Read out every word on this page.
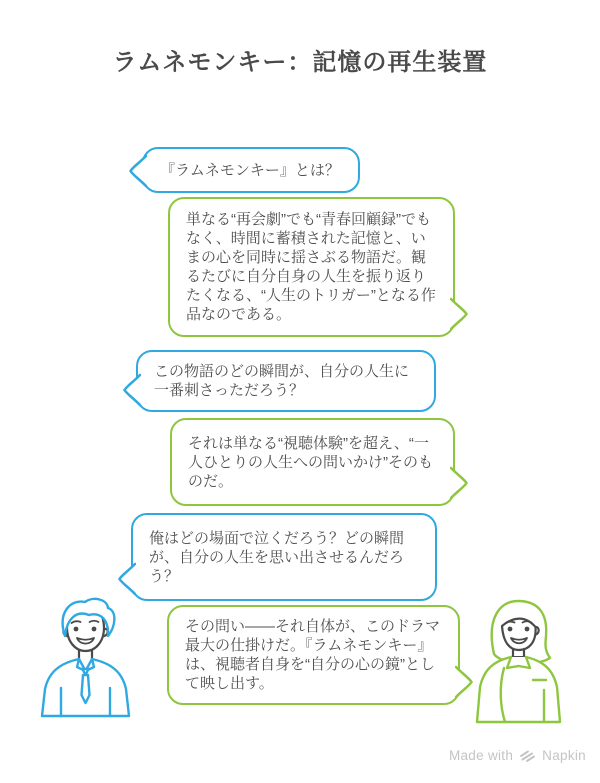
ラムネモンキー：記憶の再生装置
『ラムネモンキー』とは？
単なる“再会劇”でも“青春回顧録”でもなく、時間に蓄積された記憶と、いまの心を同時に揺さぶる物語だ。観るたびに自分自身の人生を振り返りたくなる、“人生のトリガー”となる作品なのである。
この物語のどの瞬間が、自分の人生に一番刺さっただろう？
それは単なる“視聴体験”を超え、“一人ひとりの人生への問いかけ”そのものだ。
俺はどの場面で泣くだろう？どの瞬間が、自分の人生を思い出させるんだろう？
その問い——それ自体が、このドラマ最大の仕掛けだ。『ラムネモンキー』は、視聴者自身を“自分の心の鏡”として映し出す。
Made with Napkin
